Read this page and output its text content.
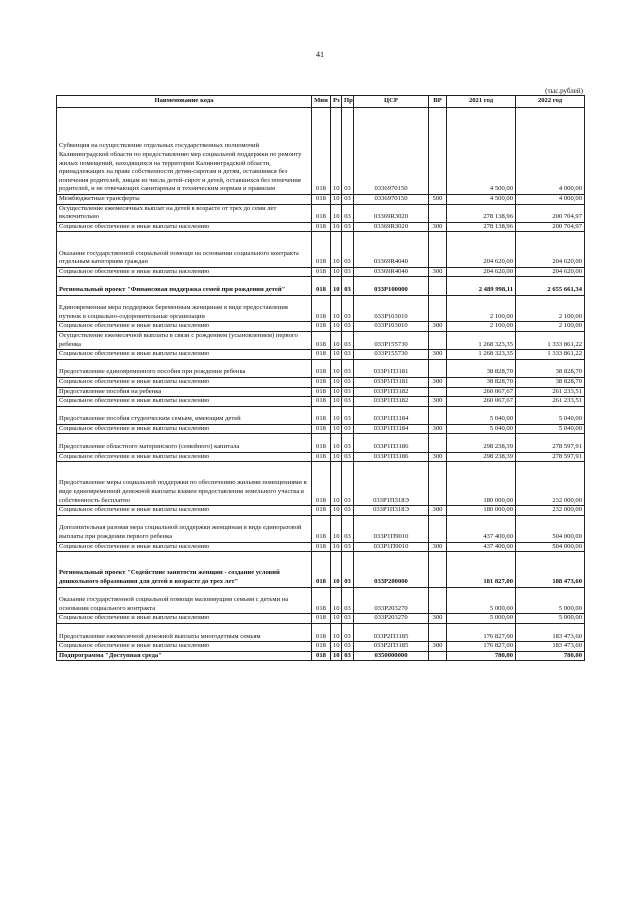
41
(тыс.рублей)
Наименование кода	Мин	Рз	Пр	ЦСР	ВР	2021 год	2022 год
Субвенция на осуществление отдельных государственных полномочий Калининградской области по предоставлению мер социальной поддержки по ремонту жилых помещений, находящихся на территории Калининградской области, принадлежащих на праве собственности детям-сиротам и детям, оставшимся без попечения родителей, лицам из числа детей-сирот и детей, оставшихся без попечения родителей, и не отвечающих санитарным и техническим нормам и правилам	018	10	03	0336970150		4 500,00	4 000,00
Межбюджетные трансферты	018	10	03	0336970150	500	4 500,00	4 000,00
Осуществление ежемесячных выплат на детей в возрасте от трех до семи лет включительно	018	10	03	03369R3020		278 138,96	200 704,97
Социальное обеспечение и иные выплаты населению	018	10	03	03369R3020	300	278 138,96	200 704,97
Оказание государственной социальной помощи на основании социального контракта отдельным категориям граждан	018	10	03	03369R4040		204 620,00	204 620,00
Социальное обеспечение и иные выплаты населению	018	10	03	03369R4040	300	204 620,00	204 620,00
Региональный проект "Финансовая поддержка семей при рождении детей"	018	10	03	033P100000		2 489 998,11	2 655 661,34
Единовременная мера поддержки беременным женщинам в виде предоставления путевок в социально-оздоровительные организации	018	10	03	033P103010		2 100,00	2 100,00
Социальное обеспечение и иные выплаты населению	018	10	03	033P103010	300	2 100,00	2 100,00
Осуществление ежемесячной выплаты в связи с рождением (усыновлением) первого ребенка	018	10	03	033P155730		1 268 323,35	1 333 861,22
Социальное обеспечение и иные выплаты населению	018	10	03	033P155730	300	1 268 323,35	1 333 861,22
Предоставление единовременного пособия при рождении ребенка	018	10	03	033P1П3181		38 828,70	38 828,70
Социальное обеспечение и иные выплаты населению	018	10	03	033P1П3181	300	38 828,70	38 828,70
Предоставление пособия на ребенка	018	10	03	033P1П3182		260 067,67	261 233,51
Социальное обеспечение и иные выплаты населению	018	10	03	033P1П3182	300	260 067,67	261 233,51
Предоставление пособия студенческим семьям, имеющим детей	018	10	03	033P1П3184		5 040,00	5 040,00
Социальное обеспечение и иные выплаты населению	018	10	03	033P1П3184	300	5 040,00	5 040,00
Предоставление областного материнского (семейного) капитала	018	10	03	033P1П3186		298 238,39	278 597,91
Социальное обеспечение и иные выплаты населению	018	10	03	033P1П3186	300	298 238,39	278 597,91
Предоставление меры социальной поддержки по обеспечению жилыми помещениями в виде единовременной денежной выплаты взамен предоставления земельного участка в собственность бесплатно	018	10	03	033P1П318Э		180 000,00	232 000,00
Социальное обеспечение и иные выплаты населению	018	10	03	033P1П318Э	300	180 000,00	232 000,00
Дополнительная разовая мера социальной поддержки женщинам в виде единоразовой выплаты при рождении первого ребенка	018	10	03	033P1П9010		437 400,00	504 000,00
Социальное обеспечение и иные выплаты населению	018	10	03	033P1П9010	300	437 400,00	504 000,00
Региональный проект "Содействие занятости женщин - создание условий дошкольного образования для детей в возрасте до трех лет"	018	10	03	033P200000		181 827,00	188 473,60
Оказание государственной социальной помощи малоимущим семьям с детьми на основании социального контракта	018	10	03	033P203270		5 000,00	5 000,00
Социальное обеспечение и иные выплаты населению	018	10	03	033P203270	300	5 000,00	5 000,00
Предоставление ежемесячной денежной выплаты многодетным семьям	018	10	03	033P2П3185		176 827,00	183 473,60
Социальное обеспечение и иные выплаты населению	018	10	03	033P2П3185	300	176 827,00	183 473,60
Подпрограмма "Доступная среда"	018	10	03	0350000000		780,00	780,00
